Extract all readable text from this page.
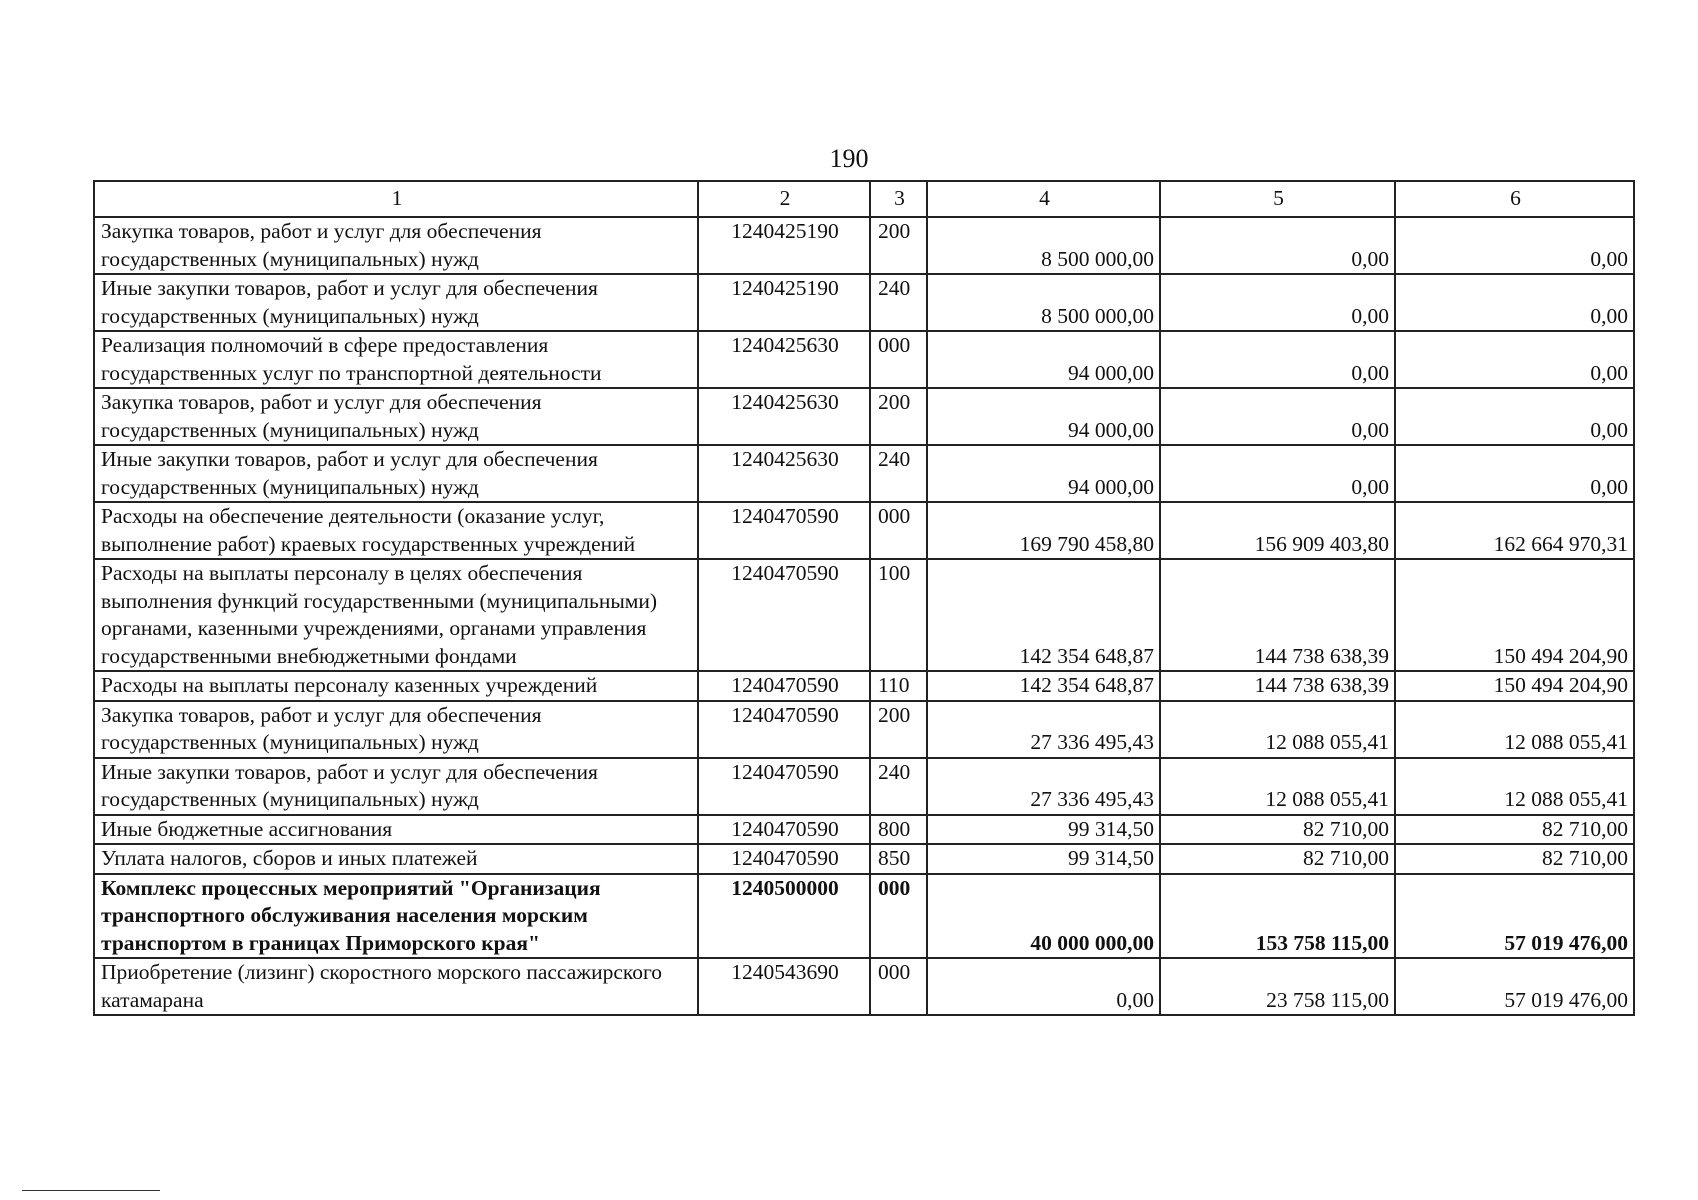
190
1	2	3	4	5	6
Закупка товаров, работ и услуг для обеспечения государственных (муниципальных) нужд	1240425190	200	8 500 000,00	0,00	0,00
Иные закупки товаров, работ и услуг для обеспечения государственных (муниципальных) нужд	1240425190	240	8 500 000,00	0,00	0,00
Реализация полномочий в сфере предоставления государственных услуг по транспортной деятельности	1240425630	000	94 000,00	0,00	0,00
Закупка товаров, работ и услуг для обеспечения государственных (муниципальных) нужд	1240425630	200	94 000,00	0,00	0,00
Иные закупки товаров, работ и услуг для обеспечения государственных (муниципальных) нужд	1240425630	240	94 000,00	0,00	0,00
Расходы на обеспечение деятельности (оказание услуг, выполнение работ) краевых государственных учреждений	1240470590	000	169 790 458,80	156 909 403,80	162 664 970,31
Расходы на выплаты персоналу в целях обеспечения выполнения функций государственными (муниципальными) органами, казенными учреждениями, органами управления государственными внебюджетными фондами	1240470590	100	142 354 648,87	144 738 638,39	150 494 204,90
Расходы на выплаты персоналу казенных учреждений	1240470590	110	142 354 648,87	144 738 638,39	150 494 204,90
Закупка товаров, работ и услуг для обеспечения государственных (муниципальных) нужд	1240470590	200	27 336 495,43	12 088 055,41	12 088 055,41
Иные закупки товаров, работ и услуг для обеспечения государственных (муниципальных) нужд	1240470590	240	27 336 495,43	12 088 055,41	12 088 055,41
Иные бюджетные ассигнования	1240470590	800	99 314,50	82 710,00	82 710,00
Уплата налогов, сборов и иных платежей	1240470590	850	99 314,50	82 710,00	82 710,00
Комплекс процессных мероприятий "Организация транспортного обслуживания населения морским транспортом в границах Приморского края"	1240500000	000	40 000 000,00	153 758 115,00	57 019 476,00
Приобретение (лизинг) скоростного морского пассажирского катамарана	1240543690	000	0,00	23 758 115,00	57 019 476,00
